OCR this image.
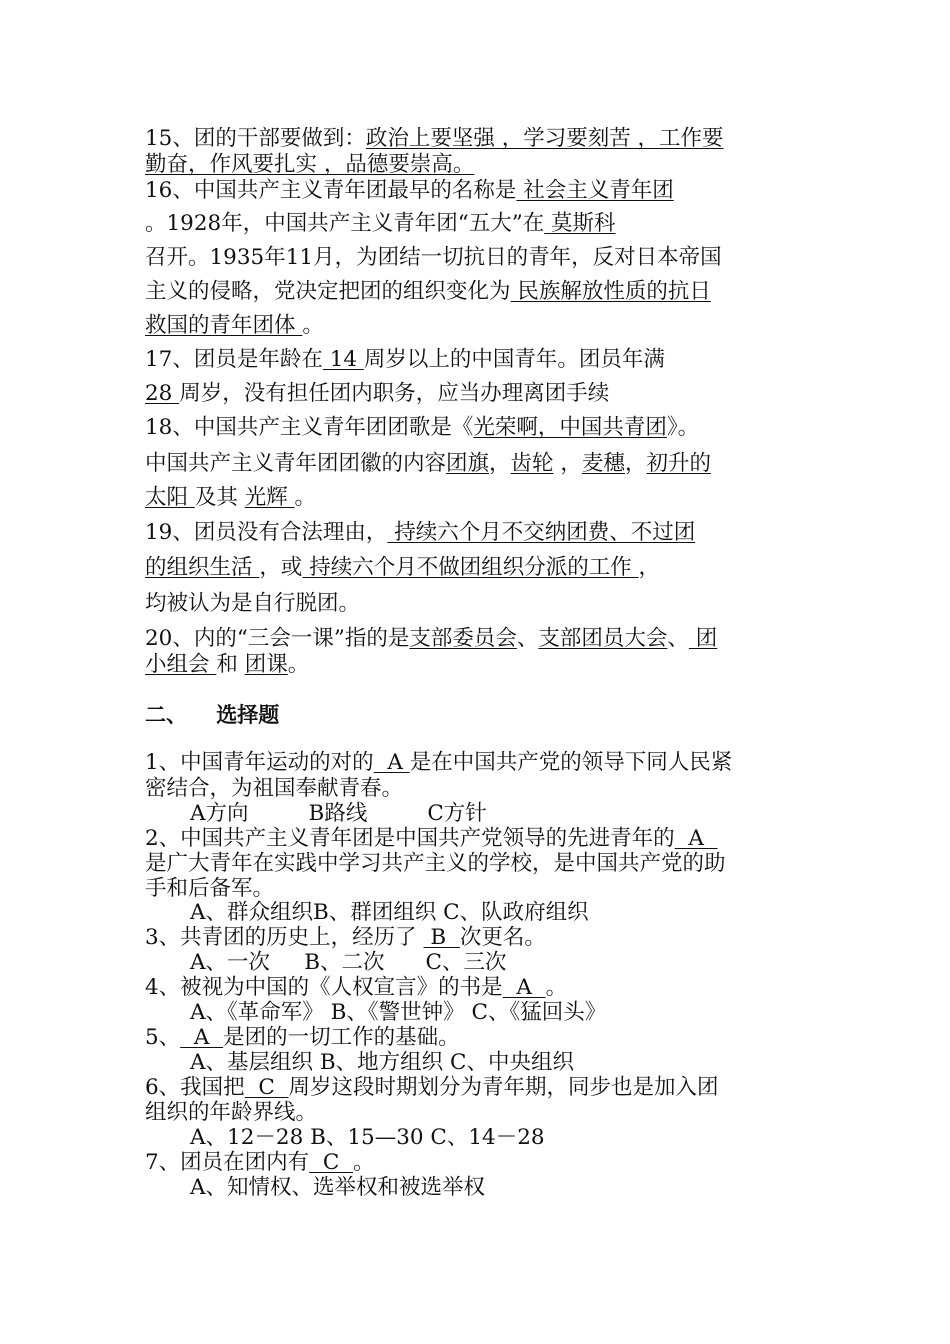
15、团的干部要做到：政治上要坚强 ，学习要刻苦 ，工作要
勤奋，作风要扎实 ，品德要崇高。
16、中国共产主义青年团最早的名称是 社会主义青年团
。1928年，中国共产主义青年团“五大”在 莫斯科
召开。1935年11月，为团结一切抗日的青年，反对日本帝国
主义的侵略，党决定把团的组织变化为 民族解放性质的抗日
救国的青年团体 。
17、团员是年龄在 14 周岁以上的中国青年。团员年满
28 周岁，没有担任团内职务，应当办理离团手续
18、中国共产主义青年团团歌是《光荣啊，中国共青团》。
中国共产主义青年团团徽的内容团旗，齿轮 ，麦穗，初升的
太阳 及其 光辉 。
19、团员没有合法理由， 持续六个月不交纳团费、不过团
的组织生活 ，或 持续六个月不做团组织分派的工作 ，
均被认为是自行脱团。
20、内的“三会一课”指的是支部委员会、支部团员大会、 团
小组会 和 团课。
二、    选择题
1、中国青年运动的对的  A 是在中国共产党的领导下同人民紧
密结合，为祖国奉献青春。
A方向	B路线	C方针
2、中国共产主义青年团是中国共产党领导的先进青年的  A
是广大青年在实践中学习共产主义的学校，是中国共产党的助
手和后备军。
A、群众组织B、群团组织 C、队政府组织
3、共青团的历史上，经历了  B  次更名。
A、一次     B、二次      C、三次
4、被视为中国的《人权宣言》的书是  A  。
A、《革命军》 B、《警世钟》 C、《猛回头》
5、  A  是团的一切工作的基础。
A、基层组织 B、地方组织 C、中央组织
6、我国把  C  周岁这段时期划分为青年期，同步也是加入团
组织的年龄界线。
A、12－28 B、15—30 C、14－28
7、团员在团内有  C  。
A、知情权、选举权和被选举权
